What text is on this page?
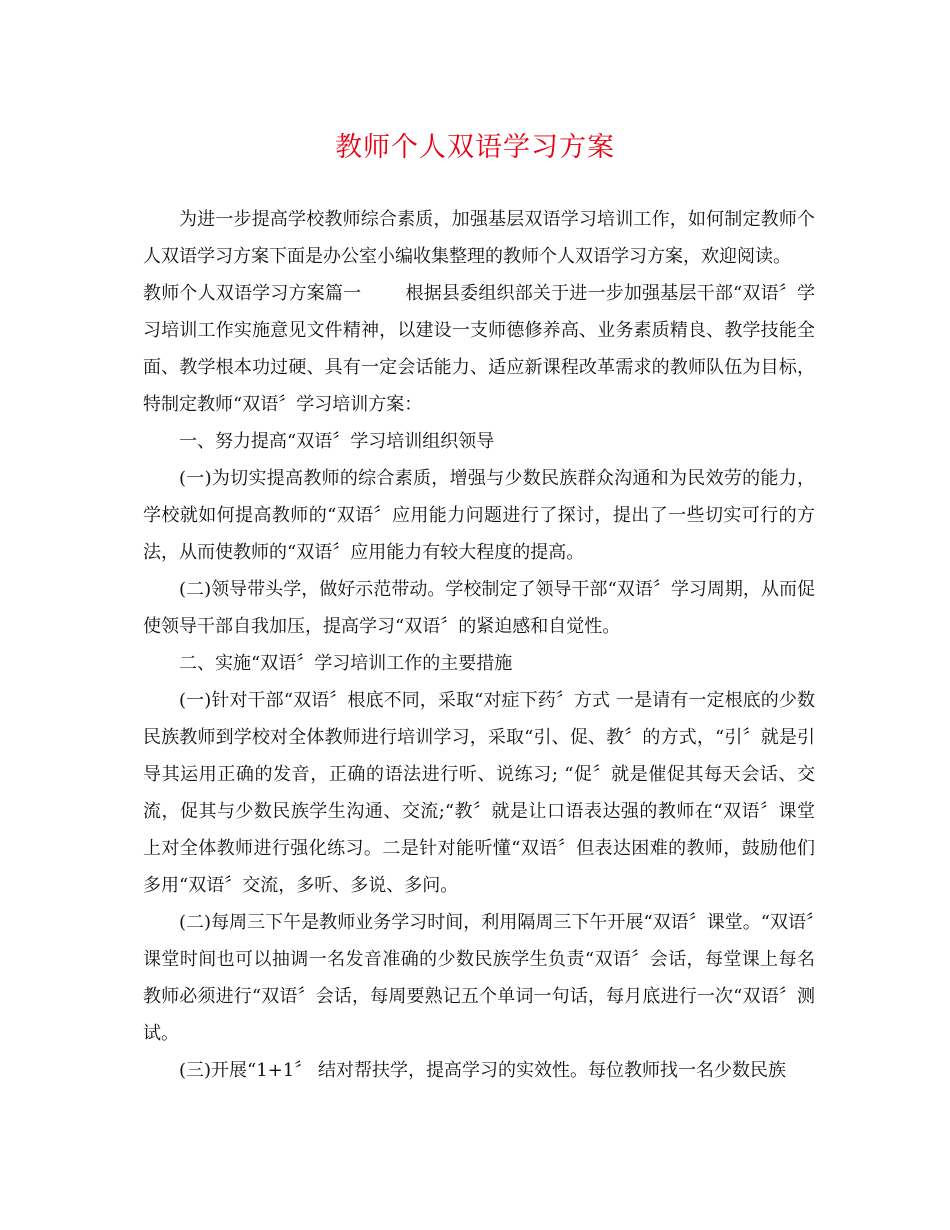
教师个人双语学习方案

为进一步提高学校教师综合素质，加强基层双语学习培训工作，如何制定教师个人双语学习方案下面是办公室小编收集整理的教师个人双语学习方案，欢迎阅读。

教师个人双语学习方案篇一 根据县委组织部关于进一步加强基层干部“双语〞学习培训工作实施意见文件精神，以建设一支师德修养高、业务素质精良、教学技能全面、教学根本功过硬、具有一定会话能力、适应新课程改革需求的教师队伍为目标，特制定教师“双语〞学习培训方案：

一、努力提高“双语〞学习培训组织领导

(一)为切实提高教师的综合素质，增强与少数民族群众沟通和为民效劳的能力，学校就如何提高教师的“双语〞应用能力问题进行了探讨，提出了一些切实可行的方法，从而使教师的“双语〞应用能力有较大程度的提高。

(二)领导带头学，做好示范带动。学校制定了领导干部“双语〞学习周期，从而促使领导干部自我加压，提高学习“双语〞的紧迫感和自觉性。

二、实施“双语〞学习培训工作的主要措施

(一)针对干部“双语〞根底不同，采取“对症下药〞方式 一是请有一定根底的少数民族教师到学校对全体教师进行培训学习，采取“引、促、教〞的方式，“引〞就是引导其运用正确的发音，正确的语法进行听、说练习; “促〞就是催促其每天会话、交流，促其与少数民族学生沟通、交流;“教〞就是让口语表达强的教师在“双语〞课堂上对全体教师进行强化练习。二是针对能听懂“双语〞但表达困难的教师，鼓励他们多用“双语〞交流，多听、多说、多问。

(二)每周三下午是教师业务学习时间，利用隔周三下午开展“双语〞课堂。“双语〞课堂时间也可以抽调一名发音准确的少数民族学生负责“双语〞会话，每堂课上每名教师必须进行“双语〞会话，每周要熟记五个单词一句话，每月底进行一次“双语〞测试。

(三)开展“1+1〞 结对帮扶学，提高学习的实效性。每位教师找一名少数民族
